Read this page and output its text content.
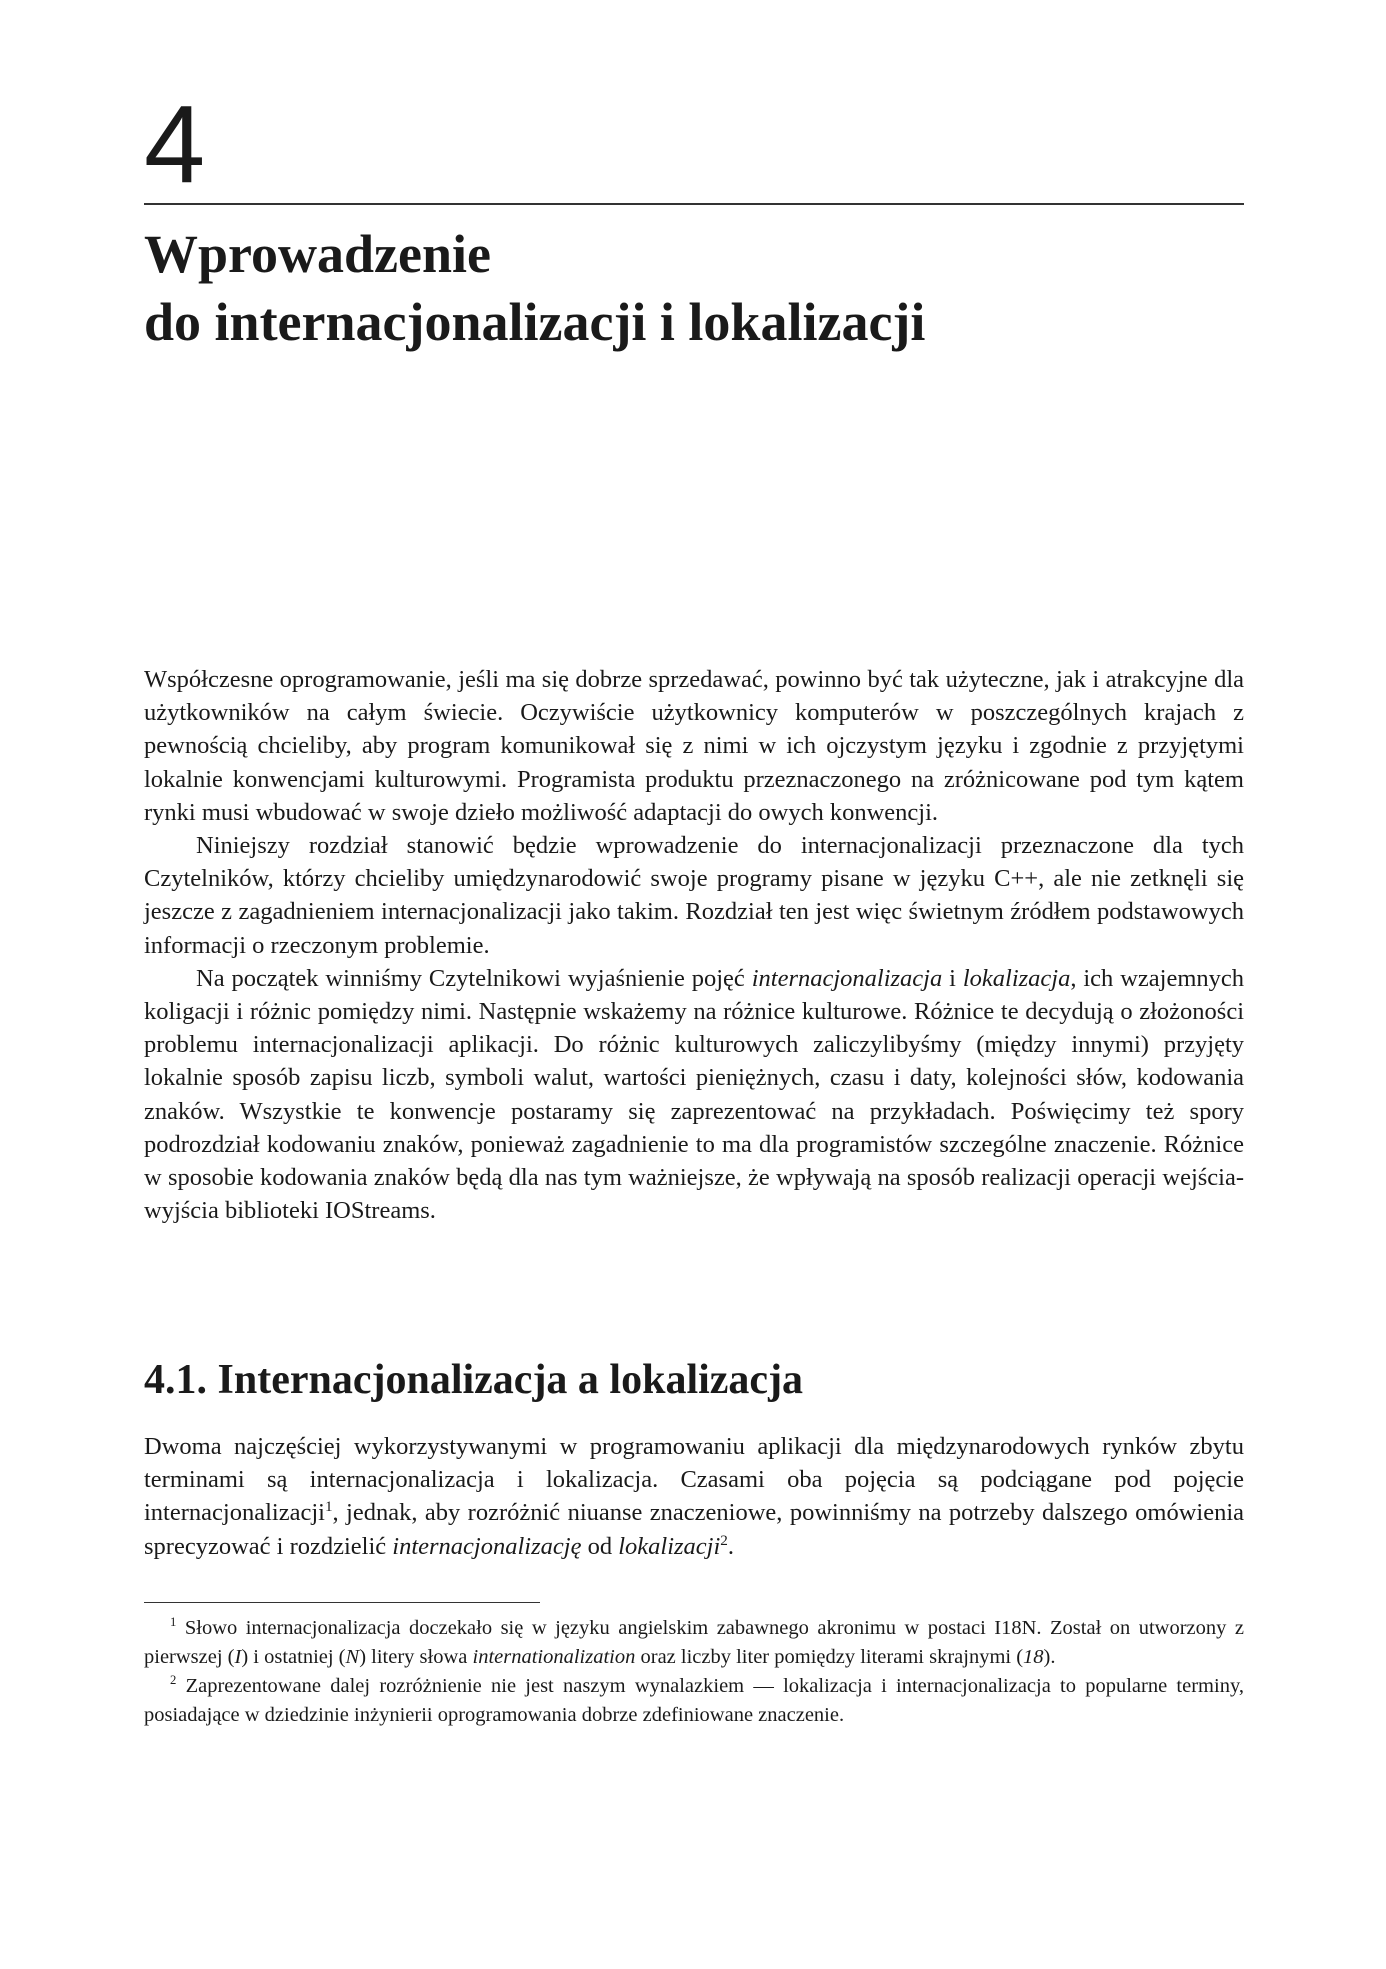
4
Wprowadzenie
do internacjonalizacji i lokalizacji

Współczesne oprogramowanie, jeśli ma się dobrze sprzedawać, powinno być tak użyteczne, jak i atrakcyjne dla użytkowników na całym świecie. Oczywiście użytkownicy komputerów w poszczególnych krajach z pewnością chcieliby, aby program komunikował się z nimi w ich ojczystym języku i zgodnie z przyjętymi lokalnie konwencjami kulturowymi. Programista produktu przeznaczonego na zróżnicowane pod tym kątem rynki musi wbudować w swoje dzieło możliwość adaptacji do owych konwencji.

Niniejszy rozdział stanowić będzie wprowadzenie do internacjonalizacji przeznaczone dla tych Czytelników, którzy chcieliby umiędzynarodowić swoje programy pisane w języku C++, ale nie zetknęli się jeszcze z zagadnieniem internacjonalizacji jako takim. Rozdział ten jest więc świetnym źródłem podstawowych informacji o rzeczonym problemie.

Na początek winniśmy Czytelnikowi wyjaśnienie pojęć internacjonalizacja i lokalizacja, ich wzajemnych koligacji i różnic pomiędzy nimi. Następnie wskażemy na różnice kulturowe. Różnice te decydują o złożoności problemu internacjonalizacji aplikacji. Do różnic kulturowych zaliczylibyśmy (między innymi) przyjęty lokalnie sposób zapisu liczb, symboli walut, wartości pieniężnych, czasu i daty, kolejności słów, kodowania znaków. Wszystkie te konwencje postaramy się zaprezentować na przykładach. Poświęcimy też spory podrozdział kodowaniu znaków, ponieważ zagadnienie to ma dla programistów szczególne znaczenie. Różnice w sposobie kodowania znaków będą dla nas tym ważniejsze, że wpływają na sposób realizacji operacji wejścia-wyjścia biblioteki IOStreams.

4.1. Internacjonalizacja a lokalizacja

Dwoma najczęściej wykorzystywanymi w programowaniu aplikacji dla międzynarodowych rynków zbytu terminami są internacjonalizacja i lokalizacja. Czasami oba pojęcia są podciągane pod pojęcie internacjonalizacji$^1$, jednak, aby rozróżnić niuanse znaczeniowe, powinniśmy na potrzeby dalszego omówienia sprecyzować i rozdzielić internacjonalizację od lokalizacji$^2$.

$^1$ Słowo internacjonalizacja doczekało się w języku angielskim zabawnego akronimu w postaci I18N. Został on utworzony z pierwszej (I) i ostatniej (N) litery słowa internationalization oraz liczby liter pomiędzy literami skrajnymi (18).

$^2$ Zaprezentowane dalej rozróżnienie nie jest naszym wynalazkiem — lokalizacja i internacjonalizacja to popularne terminy, posiadające w dziedzinie inżynierii oprogramowania dobrze zdefiniowane znaczenie.
